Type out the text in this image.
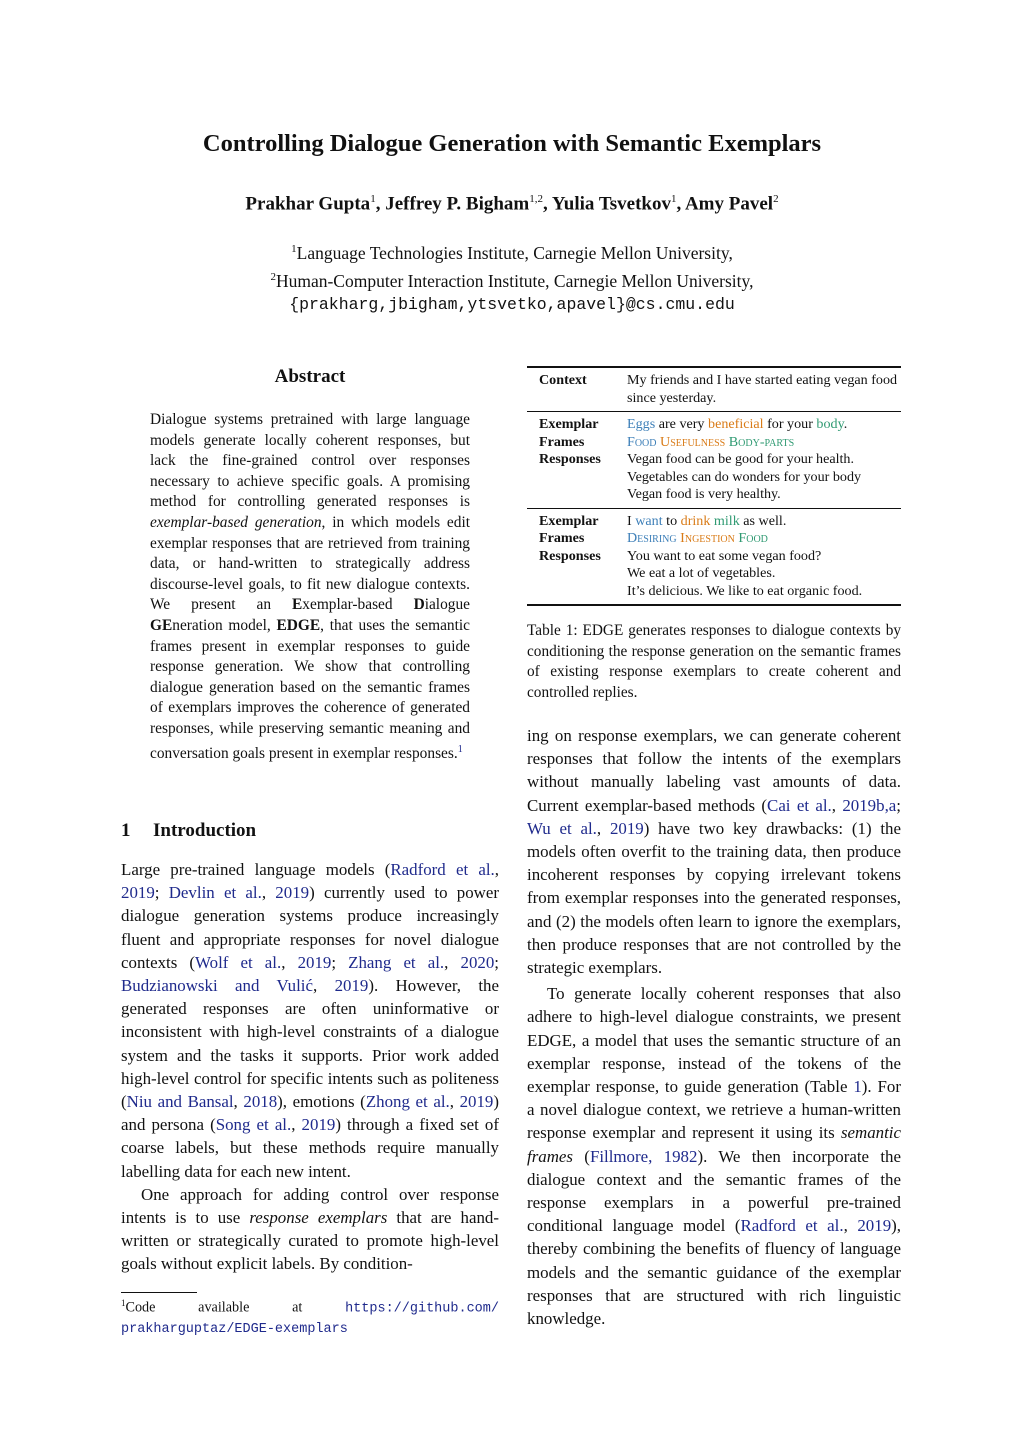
Controlling Dialogue Generation with Semantic Exemplars
Prakhar Gupta$^1$, Jeffrey P. Bigham$^{1,2}$, Yulia Tsvetkov$^1$, Amy Pavel$^2$
$^1$Language Technologies Institute, Carnegie Mellon University,
$^2$Human-Computer Interaction Institute, Carnegie Mellon University,
{prakharg,jbigham,ytsvetko,apavel}@cs.cmu.edu
Abstract
Dialogue systems pretrained with large language models generate locally coherent responses, but lack the fine-grained control over responses necessary to achieve specific goals. A promising method for controlling generated responses is exemplar-based generation, in which models edit exemplar responses that are retrieved from training data, or hand-written to strategically address discourse-level goals, to fit new dialogue contexts. We present an Exemplar-based Dialogue GEneration model, EDGE, that uses the semantic frames present in exemplar responses to guide response generation. We show that controlling dialogue generation based on the semantic frames of exemplars improves the coherence of generated responses, while preserving semantic meaning and conversation goals present in exemplar responses.$^1$
1 Introduction

Large pre-trained language models (Radford et al., 2019; Devlin et al., 2019) currently used to power dialogue generation systems produce increasingly fluent and appropriate responses for novel dialogue contexts (Wolf et al., 2019; Zhang et al., 2020; Budzianowski and Vulić, 2019). However, the generated responses are often uninformative or inconsistent with high-level constraints of a dialogue system and the tasks it supports. Prior work added high-level control for specific intents such as politeness (Niu and Bansal, 2018), emotions (Zhong et al., 2019) and persona (Song et al., 2019) through a fixed set of coarse labels, but these methods require manually labelling data for each new intent.

One approach for adding control over response intents is to use response exemplars that are hand-written or strategically curated to promote high-level goals without explicit labels. By condition-

$^1$Code available at https://github.com/ prakharguptaz/EDGE-exemplars
Context	My friends and I have started eating vegan food since yesterday.
Exemplar
Frames
Responses
Eggs are very beneficial for your body.
Food Usefulness Body-parts
Vegan food can be good for your health.
Vegetables can do wonders for your body
Vegan food is very healthy.
Exemplar
Frames
Responses
I want to drink milk as well.
Desiring Ingestion Food
You want to eat some vegan food?
We eat a lot of vegetables.
It’s delicious. We like to eat organic food.
Table 1: EDGE generates responses to dialogue contexts by conditioning the response generation on the semantic frames of existing response exemplars to create coherent and controlled replies.

ing on response exemplars, we can generate coherent responses that follow the intents of the exemplars without manually labeling vast amounts of data. Current exemplar-based methods (Cai et al., 2019b,a; Wu et al., 2019) have two key drawbacks: (1) the models often overfit to the training data, then produce incoherent responses by copying irrelevant tokens from exemplar responses into the generated responses, and (2) the models often learn to ignore the exemplars, then produce responses that are not controlled by the strategic exemplars.

To generate locally coherent responses that also adhere to high-level dialogue constraints, we present EDGE, a model that uses the semantic structure of an exemplar response, instead of the tokens of the exemplar response, to guide generation (Table 1). For a novel dialogue context, we retrieve a human-written response exemplar and represent it using its semantic frames (Fillmore, 1982). We then incorporate the dialogue context and the semantic frames of the response exemplars in a powerful pre-trained conditional language model (Radford et al., 2019), thereby combining the benefits of fluency of language models and the semantic guidance of the exemplar responses that are structured with rich linguistic knowledge.
